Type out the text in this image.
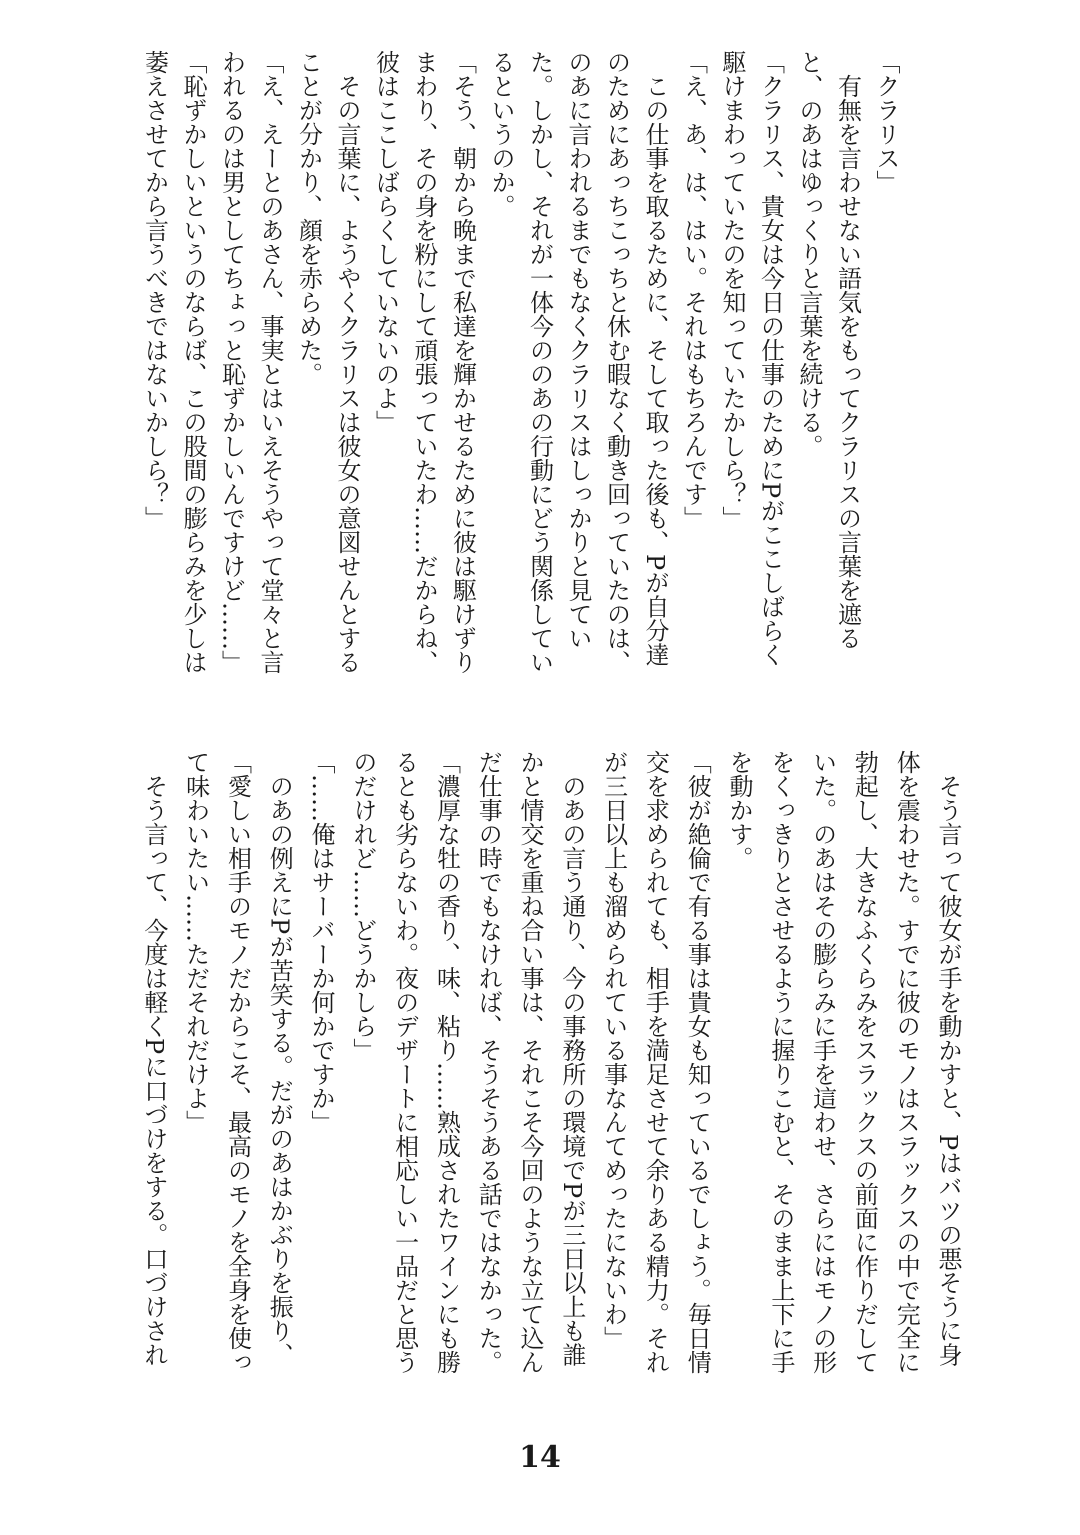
「クラリス」
　有無を言わせない語気をもってクラリスの言葉を遮る
と、のあはゆっくりと言葉を続ける。
「クラリス、貴女は今日の仕事のためにPがここしばらく
駆けまわっていたのを知っていたかしら？」
「え、あ、は、はい。それはもちろんです」
　この仕事を取るために、そして取った後も、Pが自分達
のためにあっちこっちと休む暇なく動き回っていたのは、
のあに言われるまでもなくクラリスはしっかりと見てい
た。しかし、それが一体今ののあの行動にどう関係してい
るというのか。
「そう、朝から晩まで私達を輝かせるために彼は駆けずり
まわり、その身を粉にして頑張っていたわ……だからね、
彼はここしばらくしていないのよ」
　その言葉に、ようやくクラリスは彼女の意図せんとする
ことが分かり、顔を赤らめた。
「え、えーとのあさん、事実とはいえそうやって堂々と言
われるのは男としてちょっと恥ずかしいんですけど……」
「恥ずかしいというのならば、この股間の膨らみを少しは
萎えさせてから言うべきではないかしら？」
　そう言って彼女が手を動かすと、Pはバツの悪そうに身
体を震わせた。すでに彼のモノはスラックスの中で完全に
勃起し、大きなふくらみをスラックスの前面に作りだして
いた。のあはその膨らみに手を這わせ、さらにはモノの形
をくっきりとさせるように握りこむと、そのまま上下に手
を動かす。
「彼が絶倫で有る事は貴女も知っているでしょう。毎日情
交を求められても、相手を満足させて余りある精力。それ
が三日以上も溜められている事なんてめったにないわ」
　のあの言う通り、今の事務所の環境でPが三日以上も誰
かと情交を重ね合い事は、それこそ今回のような立て込ん
だ仕事の時でもなければ、そうそうある話ではなかった。
「濃厚な牡の香り、味、粘り……熟成されたワインにも勝
るとも劣らないわ。夜のデザートに相応しい一品だと思う
のだけれど……どうかしら」
「……俺はサーバーか何かですか」
　のあの例えにPが苦笑する。だがのあはかぶりを振り、
「愛しい相手のモノだからこそ、最高のモノを全身を使っ
て味わいたい……ただそれだけよ」
　そう言って、今度は軽くPに口づけをする。口づけされ
14
